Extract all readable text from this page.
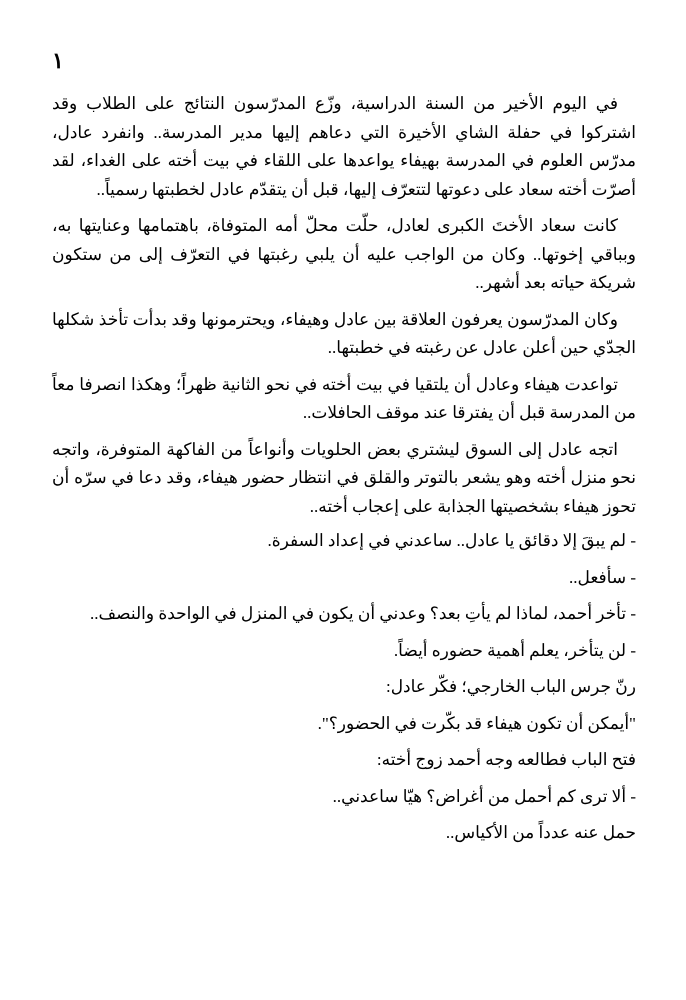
١

في اليوم الأخير من السنة الدراسية، وزّع المدرّسون النتائج على الطلاب وقد اشتركوا في حفلة الشاي الأخيرة التي دعاهم إليها مدير المدرسة.. وانفرد عادل، مدرّس العلوم في المدرسة بهيفاء يواعدها على اللقاء في بيت أخته على الغداء، لقد أصرّت أخته سعاد على دعوتها لتتعرّف إليها، قبل أن يتقدّم عادل لخطبتها رسمياً..

كانت سعاد الأختَ الكبرى لعادل، حلّت محلّ أمه المتوفاة، باهتمامها وعنايتها به، وبباقي إخوتها.. وكان من الواجب عليه أن يلبي رغبتها في التعرّف إلى من ستكون شريكة حياته بعد أشهر..

وكان المدرّسون يعرفون العلاقة بين عادل وهيفاء، ويحترمونها وقد بدأت تأخذ شكلها الجدّي حين أعلن عادل عن رغبته في خطبتها..

تواعدت هيفاء وعادل أن يلتقيا في بيت أخته في نحو الثانية ظهراً؛ وهكذا انصرفا معاً من المدرسة قبل أن يفترقا عند موقف الحافلات..

اتجه عادل إلى السوق ليشتري بعض الحلويات وأنواعاً من الفاكهة المتوفرة، واتجه نحو منزل أخته وهو يشعر بالتوتر والقلق في انتظار حضور هيفاء، وقد دعا في سرّه أن تحوز هيفاء بشخصيتها الجذابة على إعجاب أخته..

- لم يبقَ إلا دقائق يا عادل.. ساعدني في إعداد السفرة.

- سأفعل..

- تأخر أحمد، لماذا لم يأتِ بعد؟ وعدني أن يكون في المنزل في الواحدة والنصف..

- لن يتأخر، يعلم أهمية حضوره أيضاً.

رنّ جرس الباب الخارجي؛ فكّر عادل:

"أيمكن أن تكون هيفاء قد بكّرت في الحضور؟".

فتح الباب فطالعه وجه أحمد زوج أخته:

- ألا ترى كم أحمل من أغراض؟ هيّا ساعدني..

حمل عنه عدداً من الأكياس..
